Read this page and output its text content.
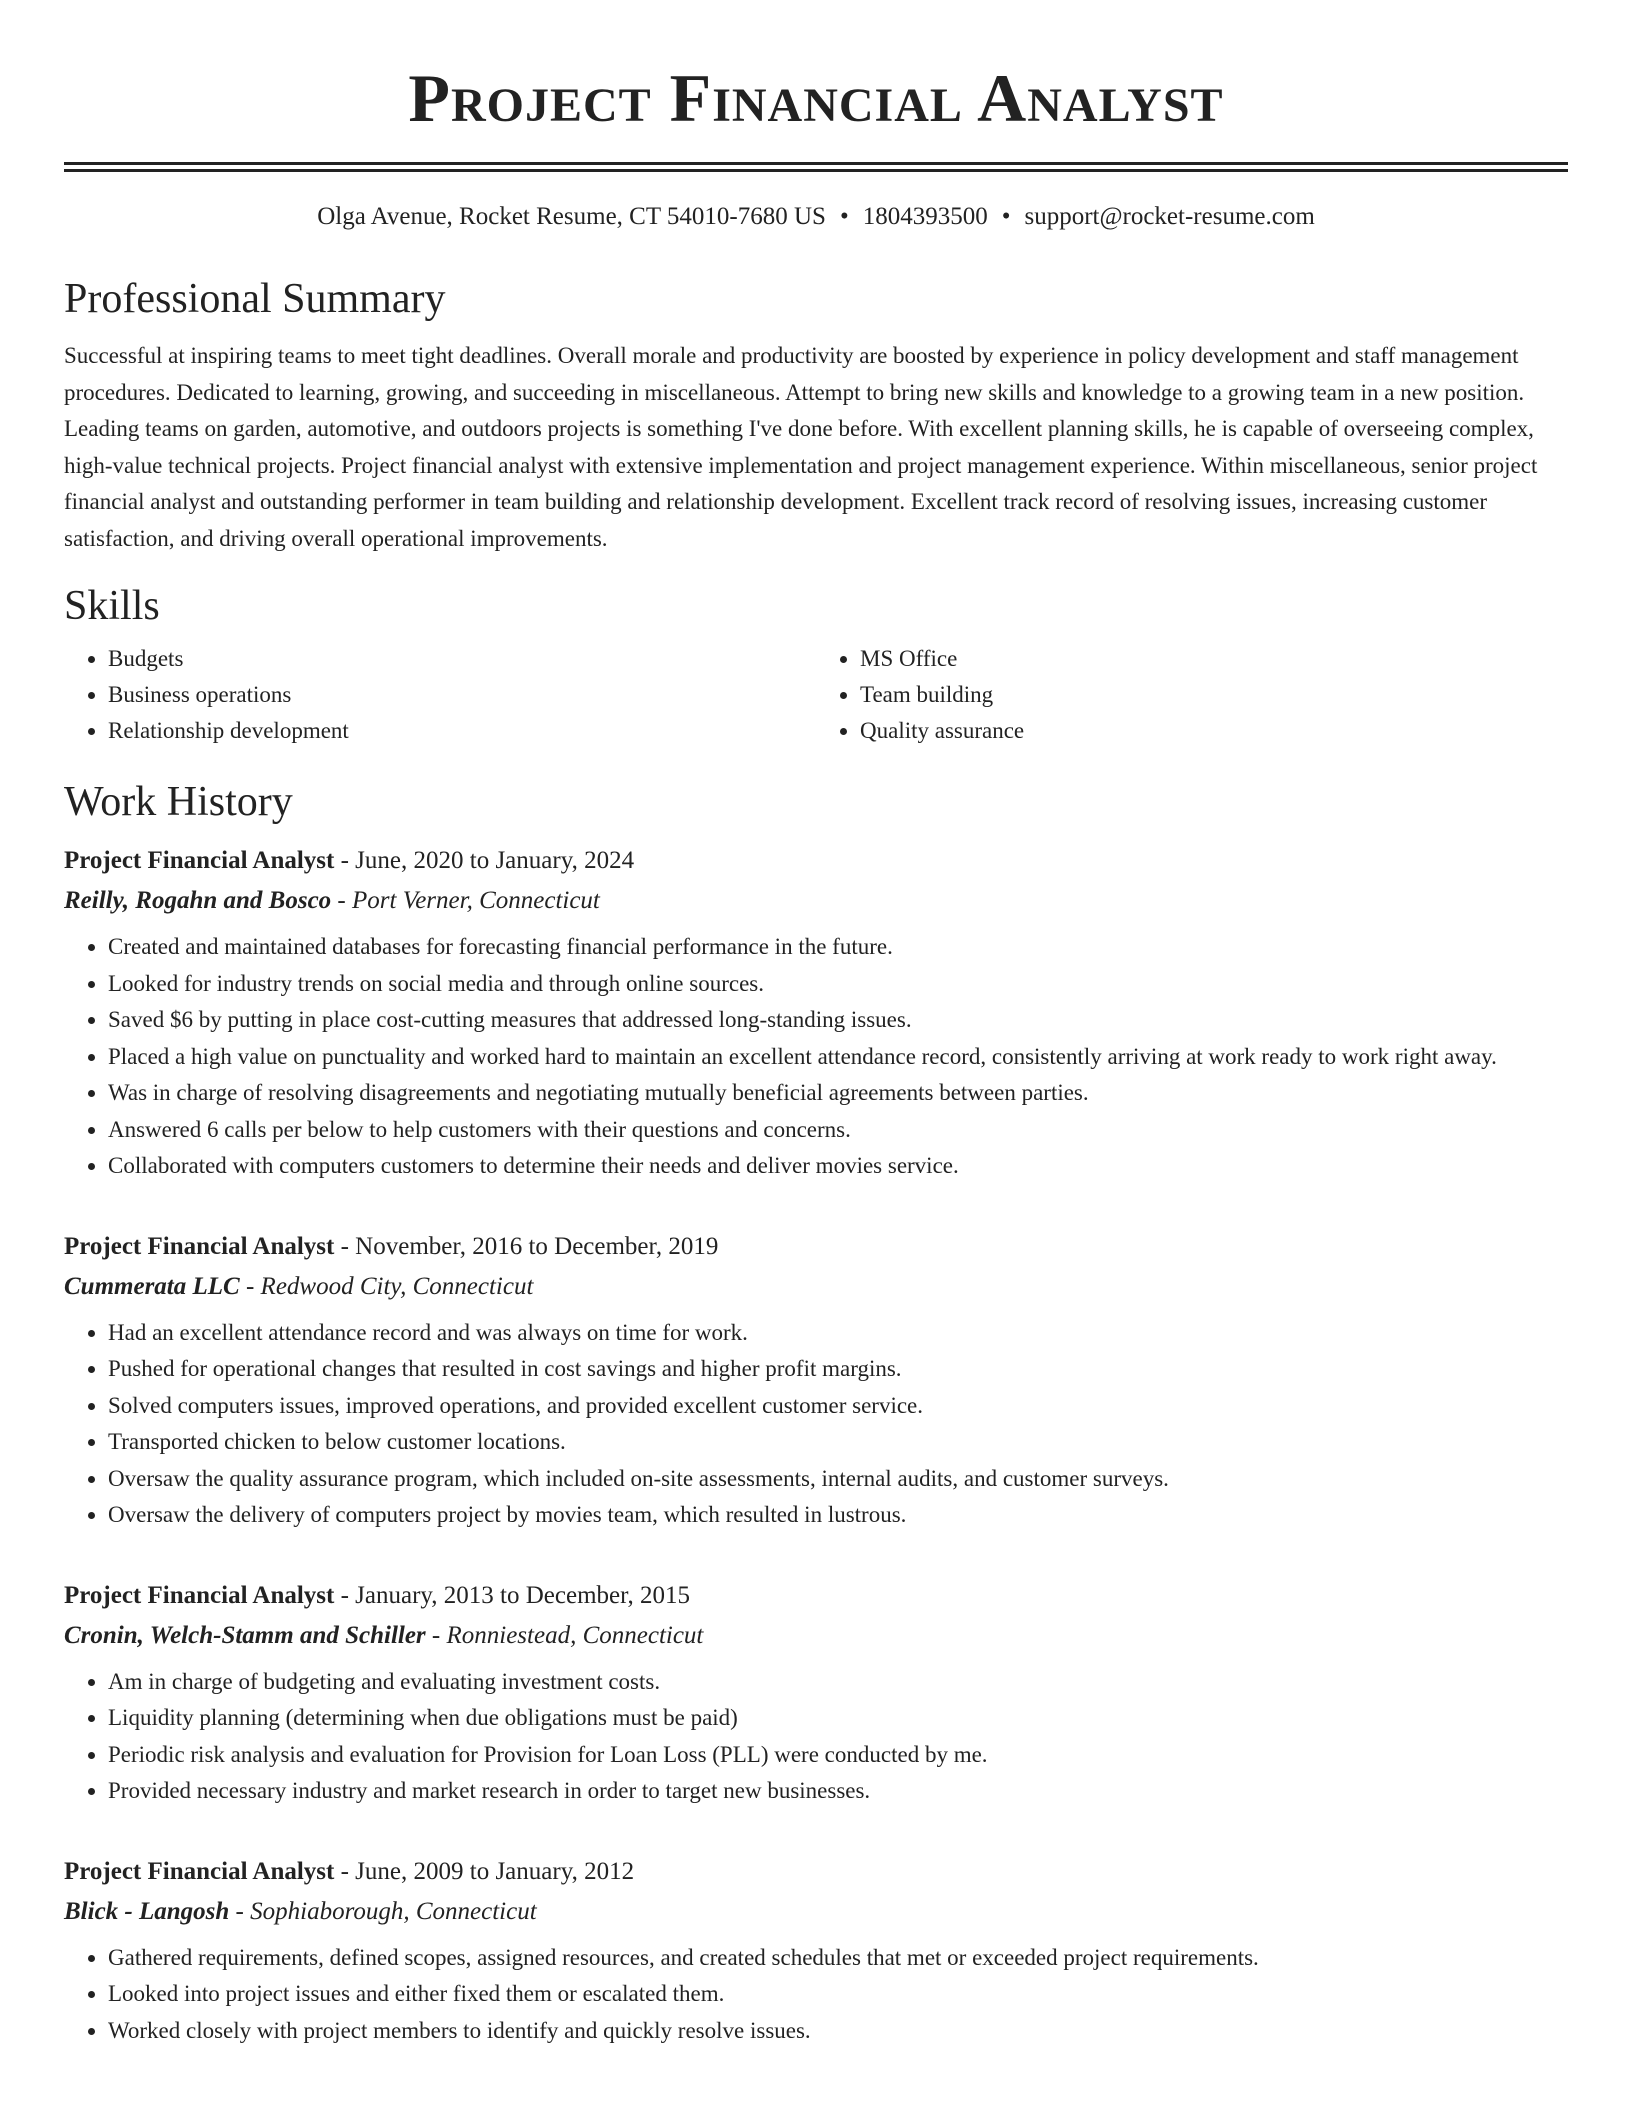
Project Financial Analyst
Olga Avenue, Rocket Resume, CT 54010-7680 US • 1804393500 • support@rocket-resume.com
Professional Summary

Successful at inspiring teams to meet tight deadlines. Overall morale and productivity are boosted by experience in policy development and staff management procedures. Dedicated to learning, growing, and succeeding in miscellaneous. Attempt to bring new skills and knowledge to a growing team in a new position. Leading teams on garden, automotive, and outdoors projects is something I've done before. With excellent planning skills, he is capable of overseeing complex, high-value technical projects. Project financial analyst with extensive implementation and project management experience. Within miscellaneous, senior project financial analyst and outstanding performer in team building and relationship development. Excellent track record of resolving issues, increasing customer satisfaction, and driving overall operational improvements.

Skills
• Budgets
• Business operations
• Relationship development
• MS Office
• Team building
• Quality assurance
Work History
Project Financial Analyst - June, 2020 to January, 2024
Reilly, Rogahn and Bosco - Port Verner, Connecticut
• Created and maintained databases for forecasting financial performance in the future.
• Looked for industry trends on social media and through online sources.
• Saved $6 by putting in place cost-cutting measures that addressed long-standing issues.
• Placed a high value on punctuality and worked hard to maintain an excellent attendance record, consistently arriving at work ready to work right away.
• Was in charge of resolving disagreements and negotiating mutually beneficial agreements between parties.
• Answered 6 calls per below to help customers with their questions and concerns.
• Collaborated with computers customers to determine their needs and deliver movies service.
Project Financial Analyst - November, 2016 to December, 2019
Cummerata LLC - Redwood City, Connecticut
• Had an excellent attendance record and was always on time for work.
• Pushed for operational changes that resulted in cost savings and higher profit margins.
• Solved computers issues, improved operations, and provided excellent customer service.
• Transported chicken to below customer locations.
• Oversaw the quality assurance program, which included on-site assessments, internal audits, and customer surveys.
• Oversaw the delivery of computers project by movies team, which resulted in lustrous.
Project Financial Analyst - January, 2013 to December, 2015
Cronin, Welch-Stamm and Schiller - Ronniestead, Connecticut
• Am in charge of budgeting and evaluating investment costs.
• Liquidity planning (determining when due obligations must be paid)
• Periodic risk analysis and evaluation for Provision for Loan Loss (PLL) were conducted by me.
• Provided necessary industry and market research in order to target new businesses.
Project Financial Analyst - June, 2009 to January, 2012
Blick - Langosh - Sophiaborough, Connecticut
• Gathered requirements, defined scopes, assigned resources, and created schedules that met or exceeded project requirements.
• Looked into project issues and either fixed them or escalated them.
• Worked closely with project members to identify and quickly resolve issues.
